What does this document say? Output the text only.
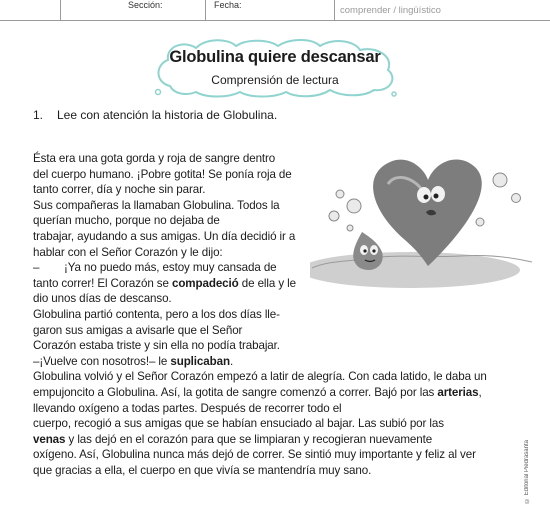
Sección:	Fecha:	comprender / lingüístico
Globulina quiere descansar

Comprensión de lectura

1. Lee con atención la historia de Globulina.
Ésta era una gota gorda y roja de sangre dentro
del cuerpo humano. ¡Pobre gotita! Se ponía roja de
tanto correr, día y noche sin parar.
Sus compañeras la llamaban Globulina. Todos la
querían mucho, porque no dejaba de
trabajar, ayudando a sus amigas. Un día decidió ir a
hablar con el Señor Corazón y le dijo:
– ¡Ya no puedo más, estoy muy cansada de
tanto correr! El Corazón se compadeció de ella y le
dio unos días de descanso.
Globulina partió contenta, pero a los dos días lle-
garon sus amigas a avisarle que el Señor
Corazón estaba triste y sin ella no podía trabajar.
–¡Vuelve con nosotros!– le suplicaban.
Globulina volvió y el Señor Corazón empezó a latir de alegría. Con cada latido, le daba un
empujoncito a Globulina. Así, la gotita de sangre comenzó a correr. Bajó por las arterias,
llevando oxígeno a todas partes. Después de recorrer todo el
cuerpo, recogió a sus amigas que se habían ensuciado al bajar. Las subió por las
venas y las dejó en el corazón para que se limpiaran y recogieran nuevamente
oxígeno. Así, Globulina nunca más dejó de correr. Se sintió muy importante y feliz al ver
que gracias a ella, el cuerpo en que vivía se mantendría muy sano.	© Editorial Piedrasanta
